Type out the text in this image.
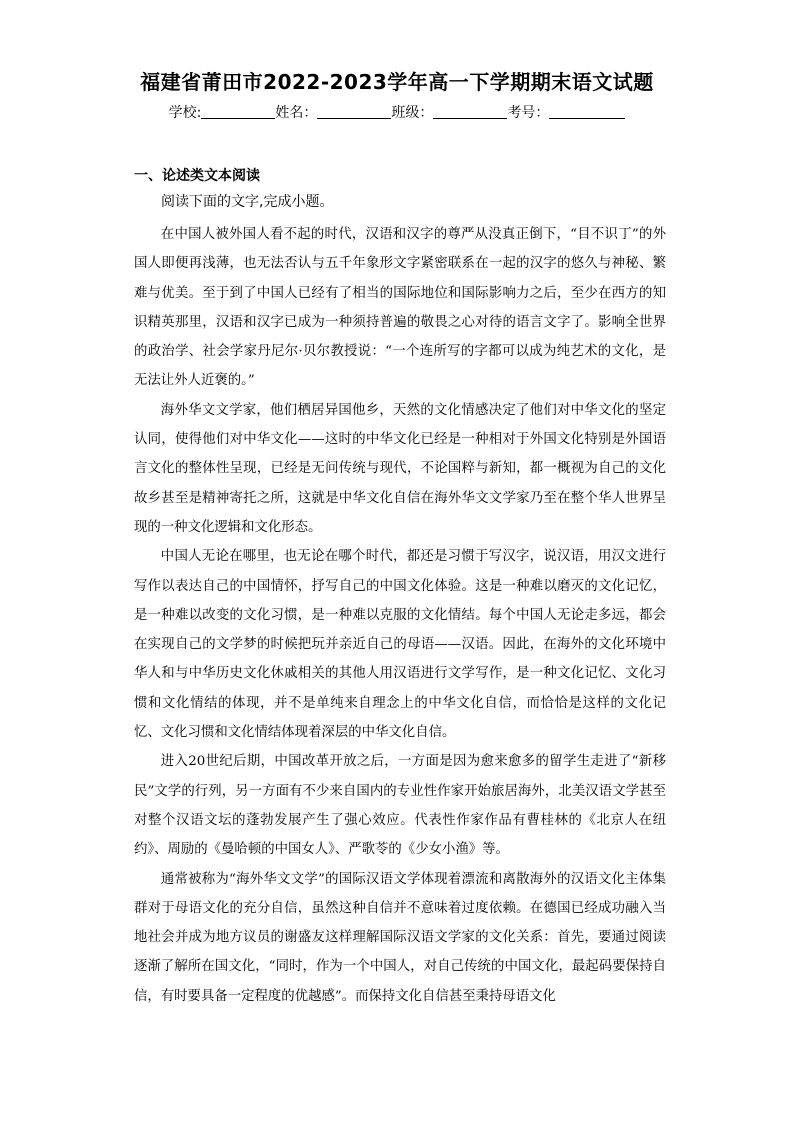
福建省莆田市2022-2023学年高一下学期期末语文试题
学校:	姓名：	班级：	考号：
一、论述类文本阅读
阅读下面的文字,完成小题。

在中国人被外国人看不起的时代，汉语和汉字的尊严从没真正倒下，“目不识丁”的外国人即便再浅薄，也无法否认与五千年象形文字紧密联系在一起的汉字的悠久与神秘、繁难与优美。至于到了中国人已经有了相当的国际地位和国际影响力之后，至少在西方的知识精英那里，汉语和汉字已成为一种须持普遍的敬畏之心对待的语言文字了。影响全世界的政治学、社会学家丹尼尔·贝尔教授说：“一个连所写的字都可以成为纯艺术的文化，是无法让外人近褒的。”

海外华文文学家，他们栖居异国他乡，天然的文化情感决定了他们对中华文化的坚定认同，使得他们对中华文化——这时的中华文化已经是一种相对于外国文化特别是外国语言文化的整体性呈现，已经是无问传统与现代，不论国粹与新知，都一概视为自己的文化故乡甚至是精神寄托之所，这就是中华文化自信在海外华文文学家乃至在整个华人世界呈现的一种文化逻辑和文化形态。

中国人无论在哪里，也无论在哪个时代，都还是习惯于写汉字，说汉语，用汉文进行写作以表达自己的中国情怀，抒写自己的中国文化体验。这是一种难以磨灭的文化记忆，是一种难以改变的文化习惯，是一种难以克服的文化情结。每个中国人无论走多远，都会在实现自己的文学梦的时候把玩并亲近自己的母语——汉语。因此，在海外的文化环境中华人和与中华历史文化休戚相关的其他人用汉语进行文学写作，是一种文化记忆、文化习惯和文化情结的体现，并不是单纯来自理念上的中华文化自信，而恰恰是这样的文化记忆、文化习惯和文化情结体现着深层的中华文化自信。

进入20世纪后期，中国改革开放之后，一方面是因为愈来愈多的留学生走进了“新移民”文学的行列，另一方面有不少来自国内的专业性作家开始旅居海外，北美汉语文学甚至对整个汉语文坛的蓬勃发展产生了强心效应。代表性作家作品有曹桂林的《北京人在纽约》、周励的《曼哈顿的中国女人》、严歌苓的《少女小渔》等。

通常被称为“海外华文文学”的国际汉语文学体现着漂流和离散海外的汉语文化主体集群对于母语文化的充分自信，虽然这种自信并不意味着过度依赖。在德国已经成功融入当地社会并成为地方议员的谢盛友这样理解国际汉语文学家的文化关系：首先，要通过阅读逐渐了解所在国文化，“同时，作为一个中国人，对自己传统的中国文化，最起码要保持自信，有时要具备一定程度的优越感”。而保持文化自信甚至秉持母语文化
